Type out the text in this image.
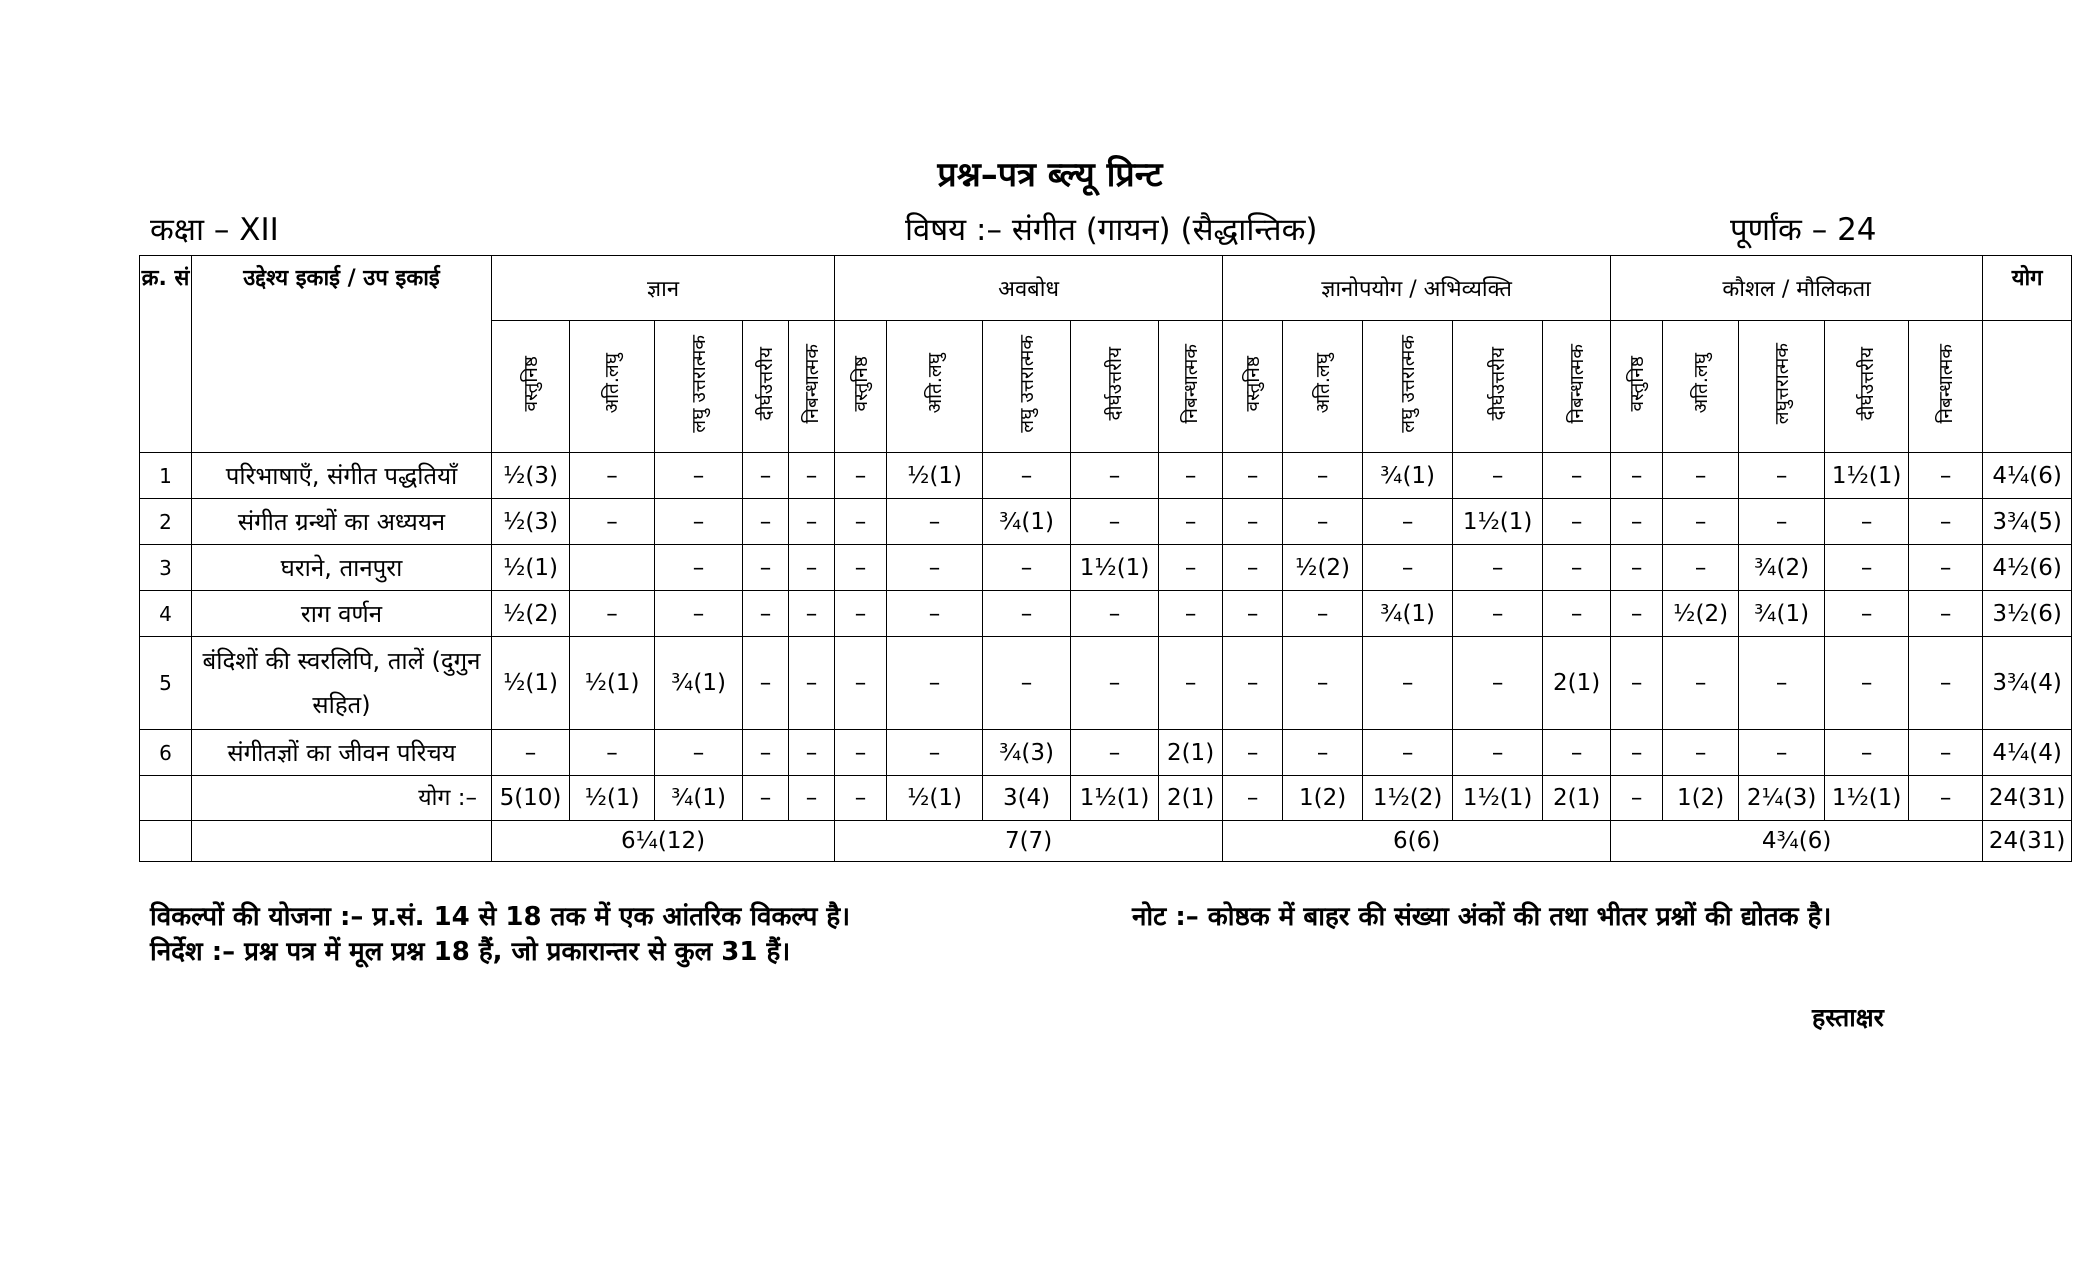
प्रश्न–पत्र ब्ल्यू प्रिन्ट
कक्षा – XII	विषय :– संगीत (गायन) (सैद्धान्तिक)	पूर्णांक – 24
क्र. सं	उद्देश्य इकाई / उप इकाई	ज्ञान					अवबोध					ज्ञानोपयोग / अभिव्यक्ति					कौशल / मौलिकता					योग
		वस्तुनिष्ठ	अति.लघु	लघु उत्तरात्मक	दीर्घउत्तरीय	निबन्धात्मक	वस्तुनिष्ठ	अति.लघु	लघु उत्तरात्मक	दीर्घउत्तरीय	निबन्धात्मक	वस्तुनिष्ठ	अति.लघु	लघु उत्तरात्मक	दीर्घउत्तरीय	निबन्धात्मक	वस्तुनिष्ठ	अति.लघु	लघुत्तरात्मक	दीर्घउत्तरीय	निबन्धात्मक	
1	परिभाषाएँ, संगीत पद्धतियाँ	½(3)	–	–	–	–	–	½(1)	–	–	–	–	–	¾(1)	–	–	–	–	–	1½(1)	–	4¼(6)
2	संगीत ग्रन्थों का अध्ययन	½(3)	–	–	–	–	–	–	¾(1)	–	–	–	–	–	1½(1)	–	–	–	–	–	–	3¾(5)
3	घराने, तानपुरा	½(1)		–	–	–	–	–	–	1½(1)	–	–	½(2)	–	–	–	–	–	¾(2)	–	–	4½(6)
4	राग वर्णन	½(2)	–	–	–	–	–	–	–	–	–	–	–	¾(1)	–	–	–	½(2)	¾(1)	–	–	3½(6)
5	बंदिशों की स्वरलिपि, तालें (दुगुन सहित)	½(1)	½(1)	¾(1)	–	–	–	–	–	–	–	–	–	–	–	2(1)	–	–	–	–	–	3¾(4)
6	संगीतज्ञों का जीवन परिचय	–	–	–	–	–	–	–	¾(3)	–	2(1)	–	–	–	–	–	–	–	–	–	–	4¼(4)
	योग :–	5(10)	½(1)	¾(1)	–	–	–	½(1)	3(4)	1½(1)	2(1)	–	1(2)	1½(2)	1½(1)	2(1)	–	1(2)	2¼(3)	1½(1)	–	24(31)
		6¼(12)					7(7)					6(6)					4¾(6)					24(31)
विकल्पों की योजना :– प्र.सं. 14 से 18 तक में एक आंतरिक विकल्प है।
निर्देश :– प्रश्न पत्र में मूल प्रश्न 18 हैं, जो प्रकारान्तर से कुल 31 हैं।
नोट :– कोष्ठक में बाहर की संख्या अंकों की तथा भीतर प्रश्नों की द्योतक है।
हस्ताक्षर
